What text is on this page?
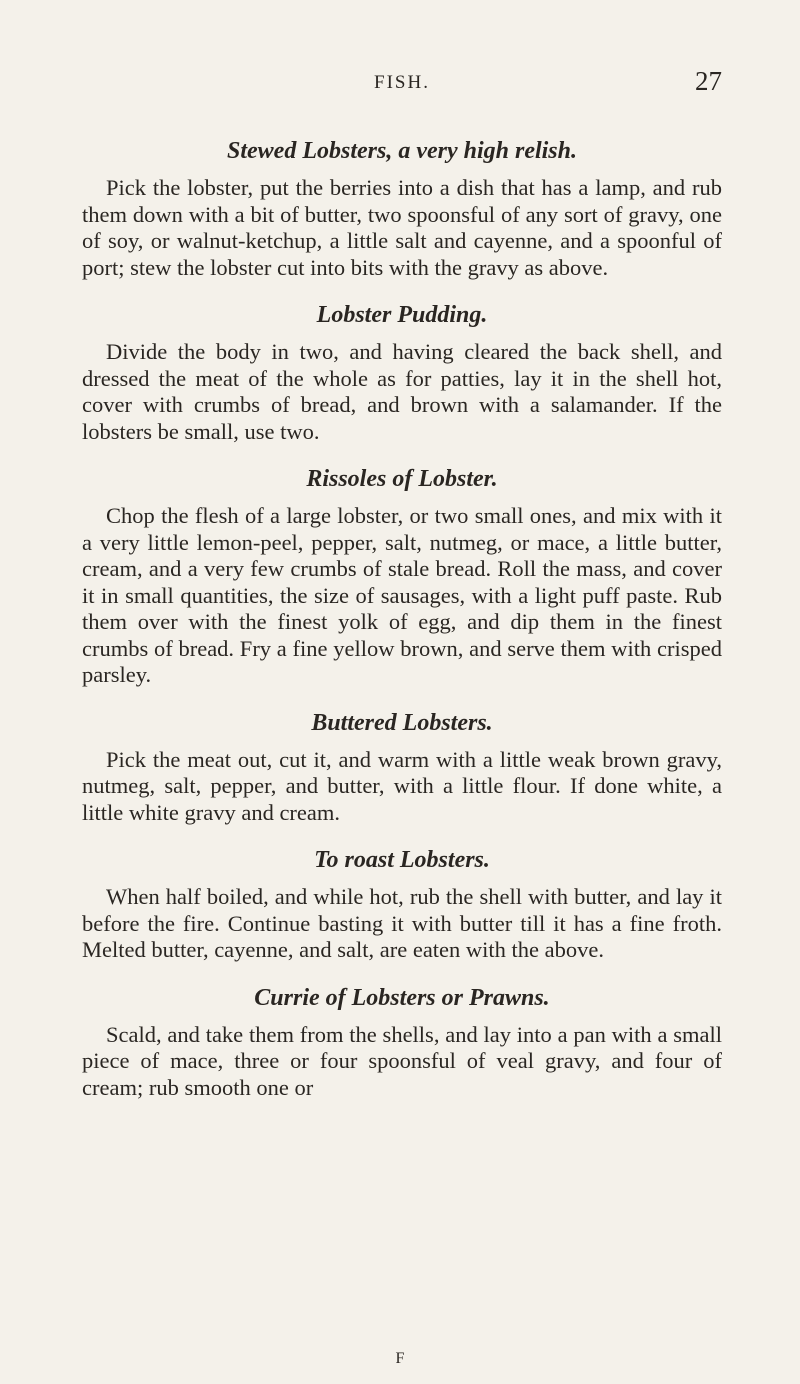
FISH.	27
Stewed Lobsters, a very high relish.

Pick the lobster, put the berries into a dish that has a lamp, and rub them down with a bit of butter, two spoonsful of any sort of gravy, one of soy, or walnut-ketchup, a little salt and cayenne, and a spoonful of port; stew the lobster cut into bits with the gravy as above.

Lobster Pudding.

Divide the body in two, and having cleared the back shell, and dressed the meat of the whole as for patties, lay it in the shell hot, cover with crumbs of bread, and brown with a salamander. If the lobsters be small, use two.

Rissoles of Lobster.

Chop the flesh of a large lobster, or two small ones, and mix with it a very little lemon-peel, pepper, salt, nutmeg, or mace, a little butter, cream, and a very few crumbs of stale bread. Roll the mass, and cover it in small quantities, the size of sausages, with a light puff paste. Rub them over with the finest yolk of egg, and dip them in the finest crumbs of bread. Fry a fine yellow brown, and serve them with crisped parsley.

Buttered Lobsters.

Pick the meat out, cut it, and warm with a little weak brown gravy, nutmeg, salt, pepper, and butter, with a little flour. If done white, a little white gravy and cream.

To roast Lobsters.

When half boiled, and while hot, rub the shell with butter, and lay it before the fire. Continue basting it with butter till it has a fine froth. Melted butter, cayenne, and salt, are eaten with the above.

Currie of Lobsters or Prawns.

Scald, and take them from the shells, and lay into a pan with a small piece of mace, three or four spoonsful of veal gravy, and four of cream; rub smooth one or

F
